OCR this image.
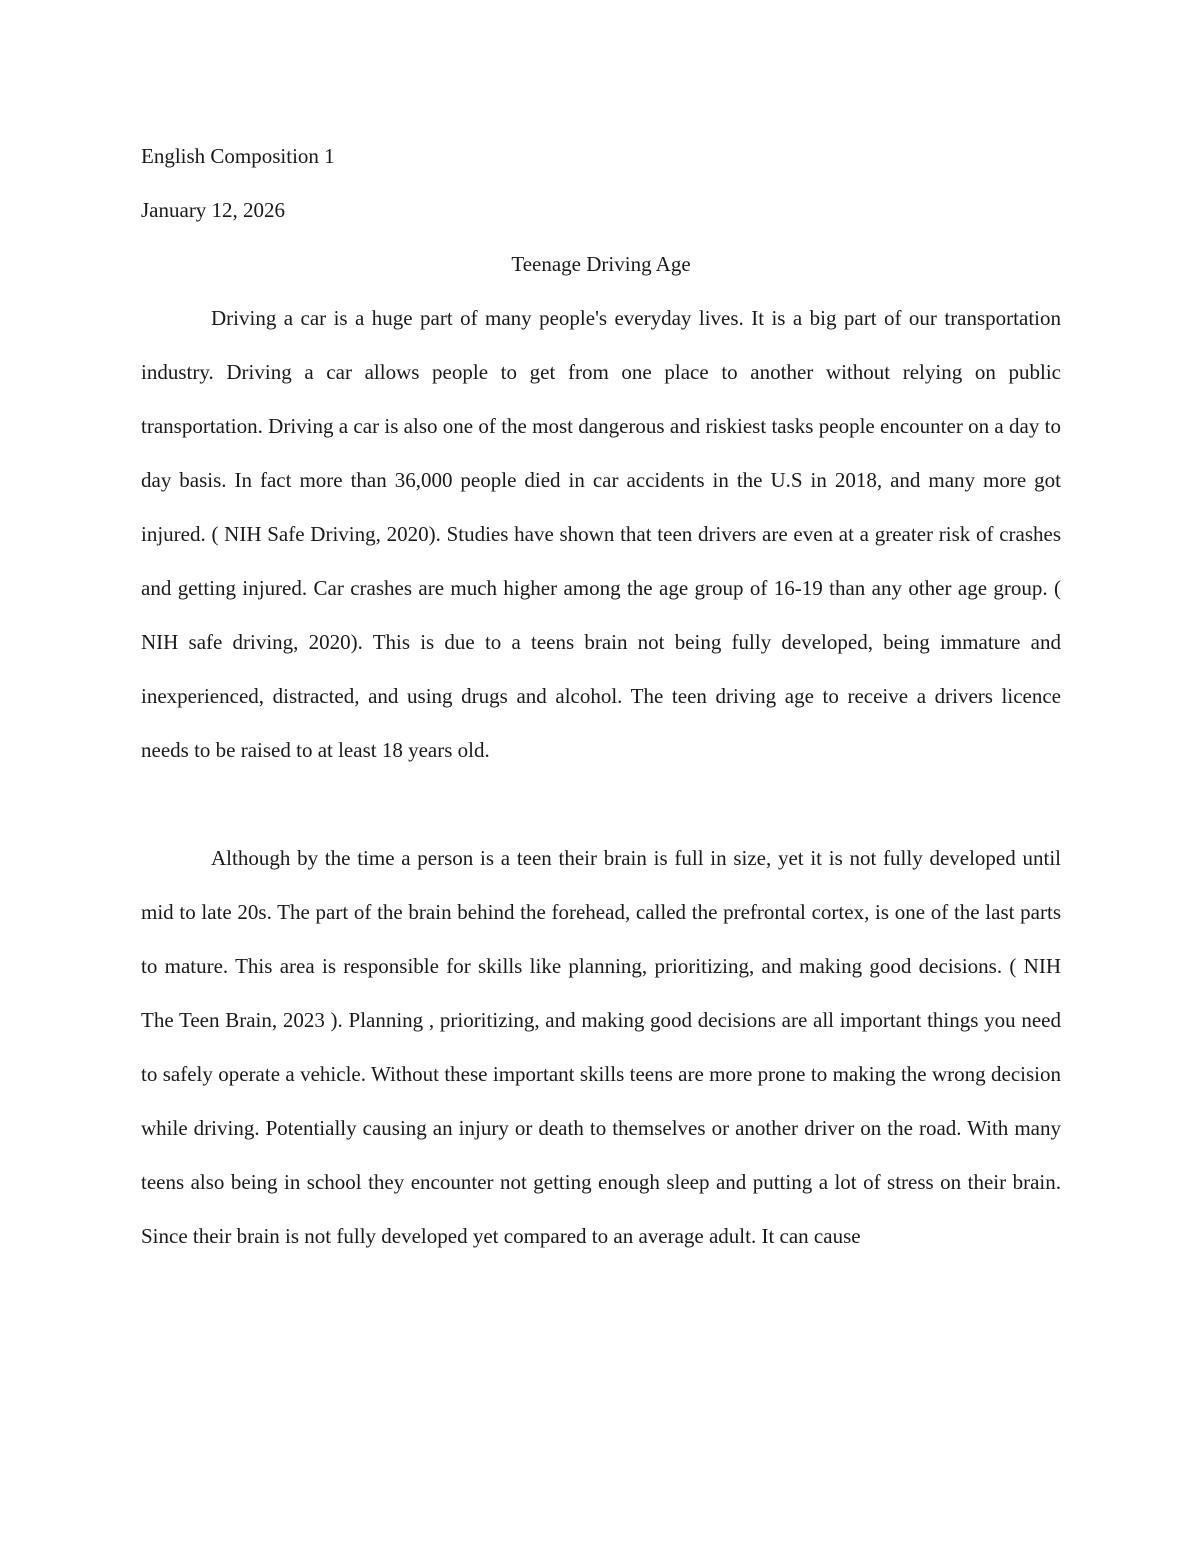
English Composition 1

January 12, 2026

Teenage Driving Age

Driving a car is a huge part of many people's everyday lives. It is a big part of our transportation industry. Driving a car allows people to get from one place to another without relying on public transportation. Driving a car is also one of the most dangerous and riskiest tasks people encounter on a day to day basis. In fact more than 36,000 people died in car accidents in the U.S in 2018, and many more got injured. ( NIH Safe Driving, 2020). Studies have shown that teen drivers are even at a greater risk of crashes and getting injured. Car crashes are much higher among the age group of 16-19 than any other age group. ( NIH safe driving, 2020). This is due to a teens brain not being fully developed, being immature and inexperienced, distracted, and using drugs and alcohol. The teen driving age to receive a drivers licence needs to be raised to at least 18 years old.

Although by the time a person is a teen their brain is full in size, yet it is not fully developed until mid to late 20s. The part of the brain behind the forehead, called the prefrontal cortex, is one of the last parts to mature. This area is responsible for skills like planning, prioritizing, and making good decisions. ( NIH The Teen Brain, 2023 ). Planning , prioritizing, and making good decisions are all important things you need to safely operate a vehicle. Without these important skills teens are more prone to making the wrong decision while driving. Potentially causing an injury or death to themselves or another driver on the road. With many teens also being in school they encounter not getting enough sleep and putting a lot of stress on their brain. Since their brain is not fully developed yet compared to an average adult. It can cause
